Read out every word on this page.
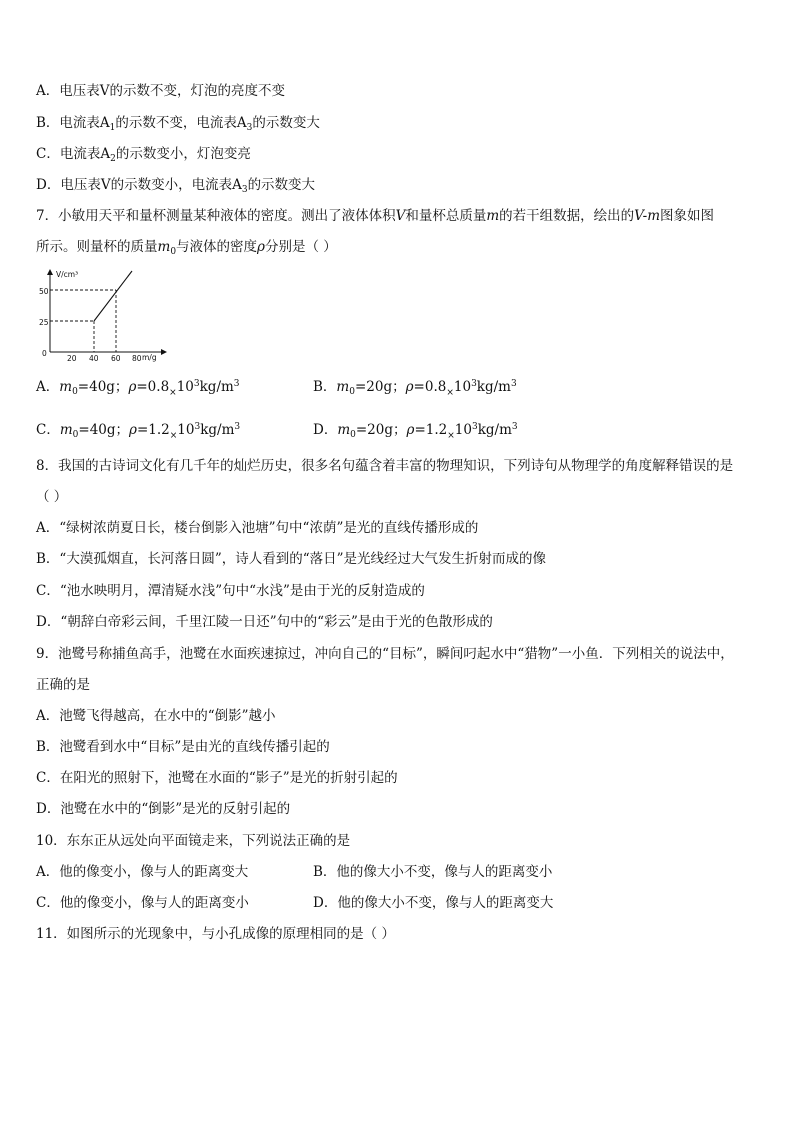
A．电压表V的示数不变，灯泡的亮度不变
B．电流表$A_1$的示数不变，电流表$A_3$的示数变大
C．电流表$A_2$的示数变小，灯泡变亮
D．电压表V的示数变小，电流表$A_3$的示数变大
7．小敏用天平和量杯测量某种液体的密度。测出了液体体积V和量杯总质量m的若干组数据，绘出的V-m图象如图
所示。则量杯的质量$m_0$与液体的密度ρ分别是（ ）
V/cm³
m/g
0
25
50
20 40 60 80
A．$m_0=40g$；$\rho=0.8_\times 10^3kg/m^3$	B．$m_0=20g$；$\rho=0.8_\times 10^3kg/m^3$
C．$m_0=40g$；$\rho=1.2_\times 10^3kg/m^3$	D．$m_0=20g$；$\rho=1.2_\times 10^3kg/m^3$
8．我国的古诗词文化有几千年的灿烂历史，很多名句蕴含着丰富的物理知识，下列诗句从物理学的角度解释错误的是
（ ）
A．“绿树浓荫夏日长，楼台倒影入池塘”句中“浓荫”是光的直线传播形成的
B．“大漠孤烟直，长河落日圆”，诗人看到的“落日”是光线经过大气发生折射而成的像
C．“池水映明月，潭清疑水浅”句中“水浅”是由于光的反射造成的
D．“朝辞白帝彩云间，千里江陵一日还”句中的“彩云”是由于光的色散形成的
9．池鹭号称捕鱼高手，池鹭在水面疾速掠过，冲向自己的“目标”，瞬间叼起水中“猎物”一小鱼．下列相关的说法中，
正确的是
A．池鹭飞得越高，在水中的“倒影”越小
B．池鹭看到水中“目标”是由光的直线传播引起的
C．在阳光的照射下，池鹭在水面的“影子”是光的折射引起的
D．池鹭在水中的“倒影”是光的反射引起的
10．东东正从远处向平面镜走来，下列说法正确的是
A．他的像变小，像与人的距离变大	B．他的像大小不变，像与人的距离变小
C．他的像变小，像与人的距离变小	D．他的像大小不变，像与人的距离变大
11．如图所示的光现象中，与小孔成像的原理相同的是（ ）
